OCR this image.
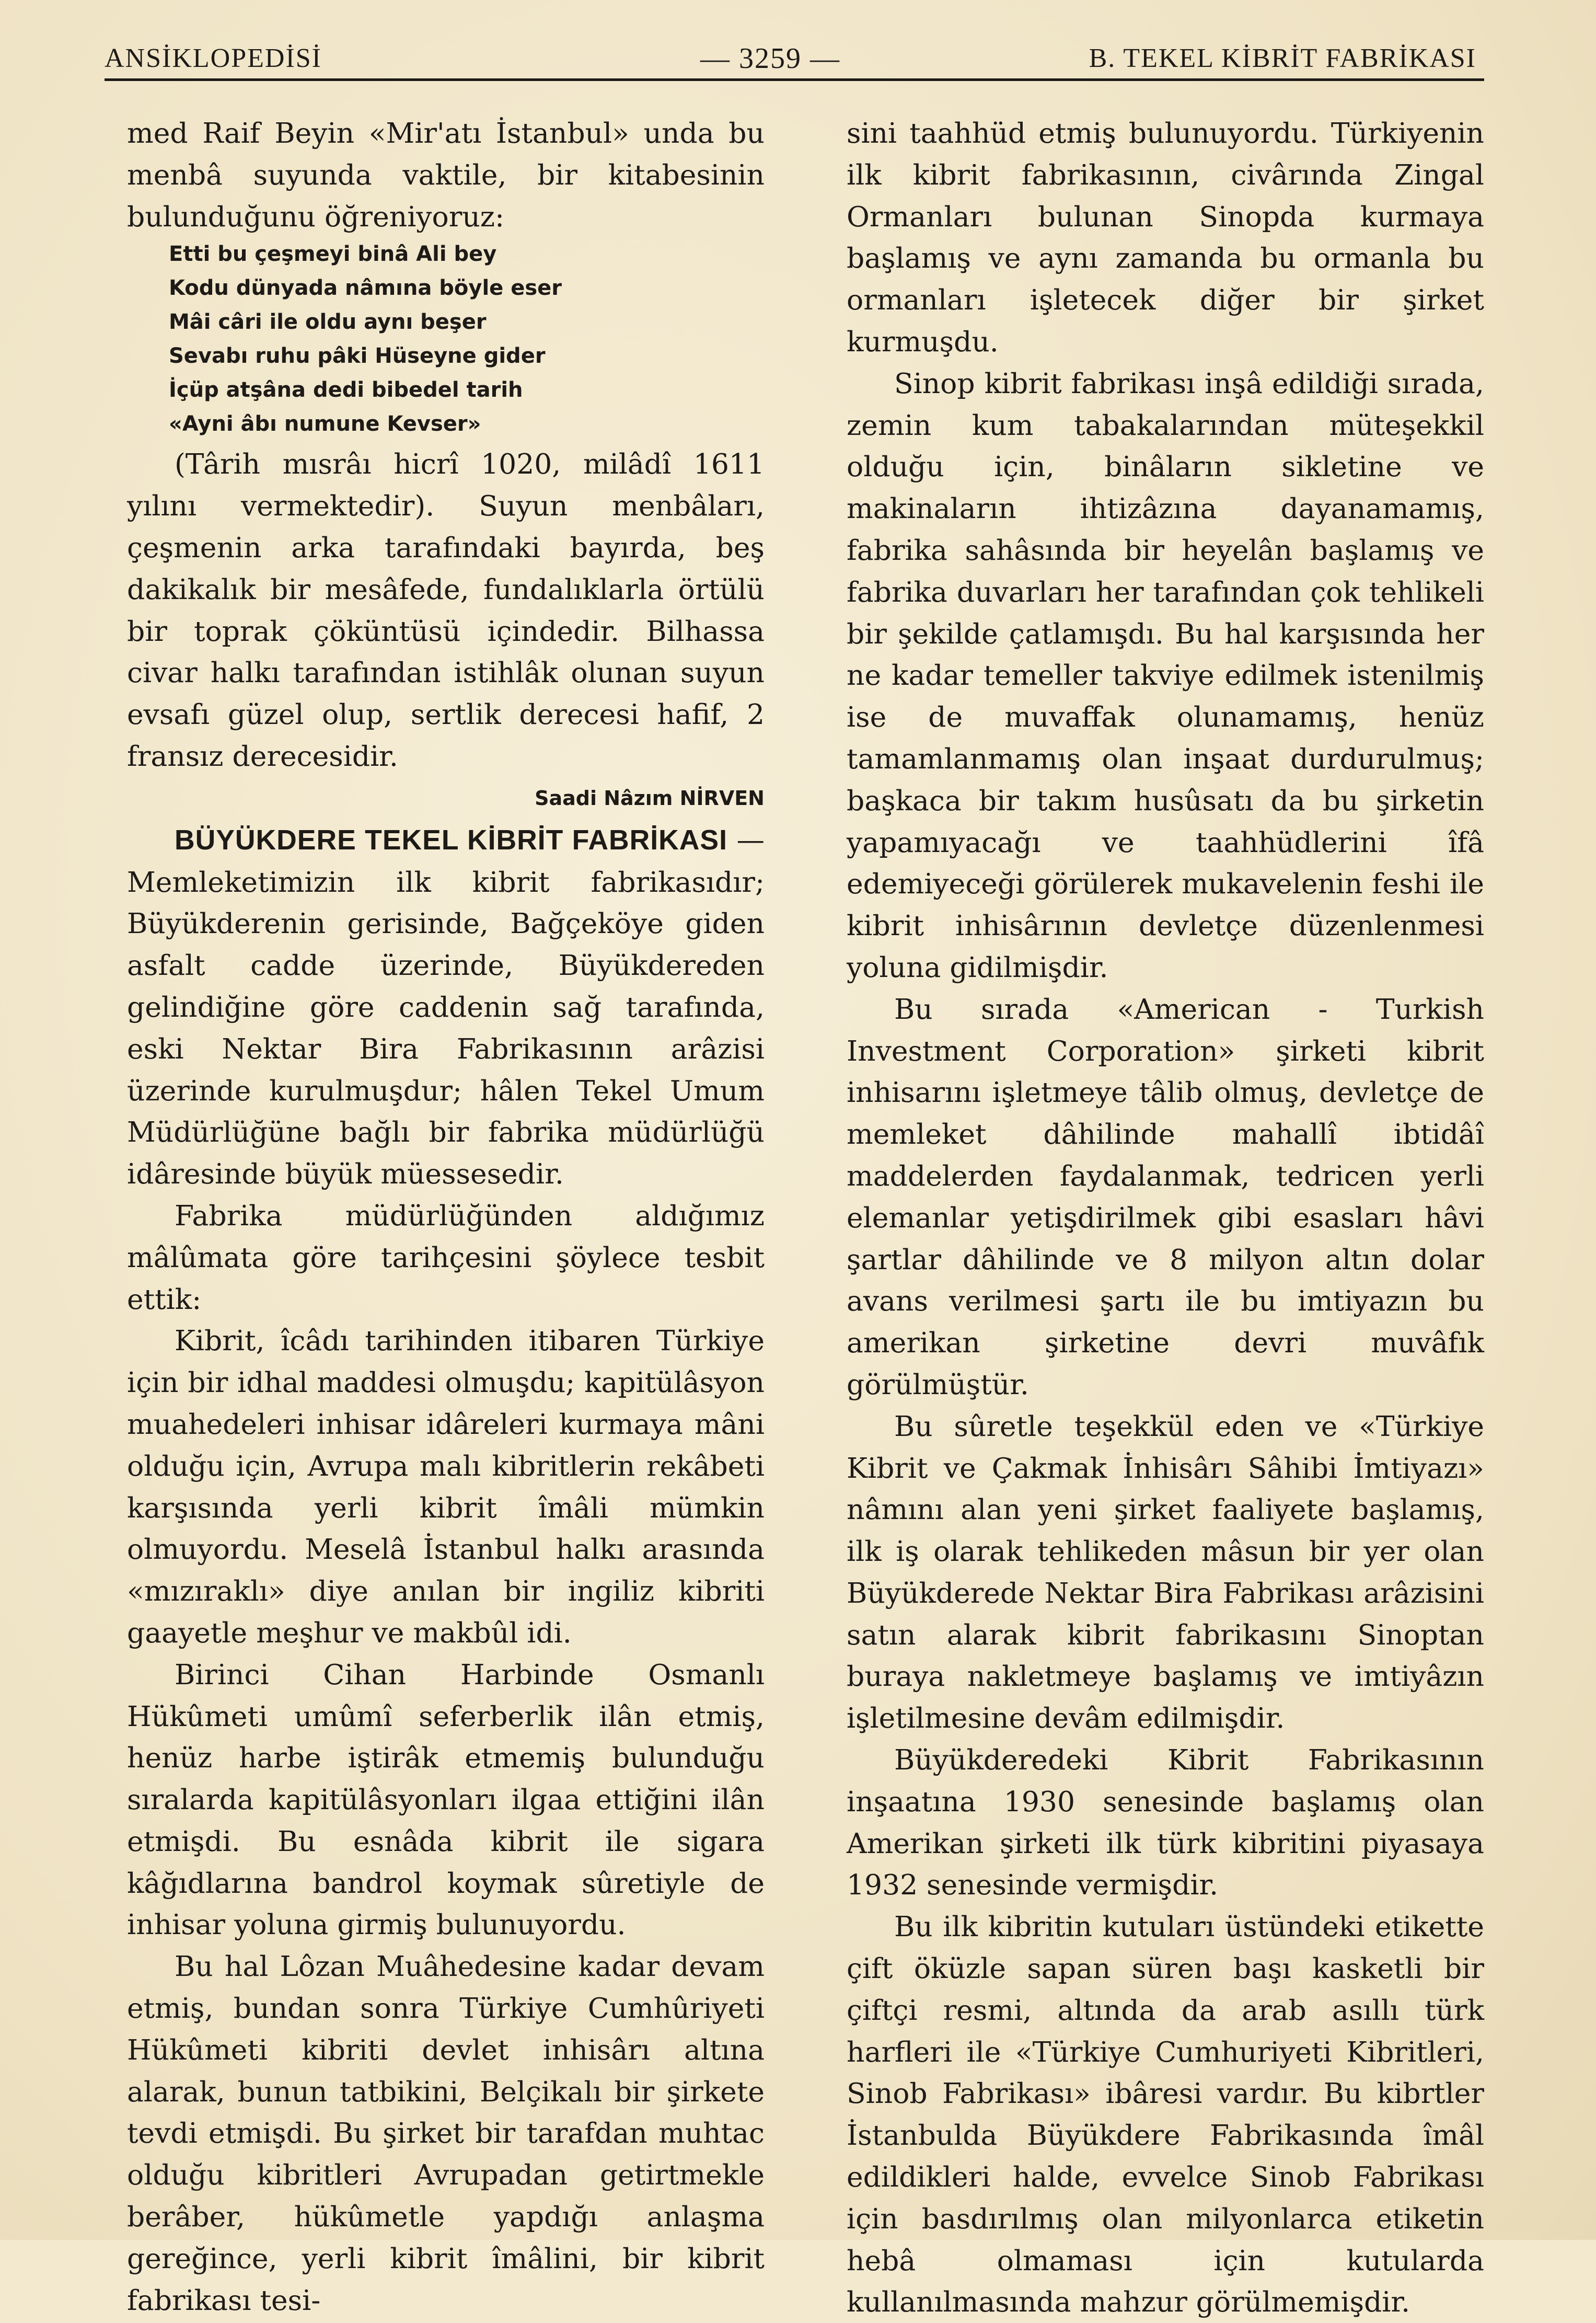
ANSİKLOPEDİSİ	— 3259 —	B. TEKEL KİBRİT FABRİKASI

med Raif Beyin «Mir'atı İstanbul» unda bu menbâ suyunda vaktile, bir kitabesinin bulunduğunu öğreniyoruz:

Etti bu çeşmeyi binâ Ali bey
Kodu dünyada nâmına böyle eser
Mâi câri ile oldu aynı beşer
Sevabı ruhu pâki Hüseyne gider
İçüp atşâna dedi bibedel tarih
«Ayni âbı numune Kevser»

(Târih mısrâı hicrî 1020, milâdî 1611 yılını vermektedir). Suyun menbâları, çeşmenin arka tarafındaki bayırda, beş dakikalık bir mesâfede, fundalıklarla örtülü bir toprak çöküntüsü içindedir. Bilhassa civar halkı tarafından istihlâk olunan suyun evsafı güzel olup, sertlik derecesi hafif, 2 fransız derecesidir.

Saadi Nâzım NİRVEN

BÜYÜKDERE TEKEL KİBRİT FABRİKASI — Memleketimizin ilk kibrit fabrikasıdır; Büyükderenin gerisinde, Bağçeköye giden asfalt cadde üzerinde, Büyükdereden gelindiğine göre caddenin sağ tarafında, eski Nektar Bira Fabrikasının arâzisi üzerinde kurulmuşdur; hâlen Tekel Umum Müdürlüğüne bağlı bir fabrika müdürlüğü idâresinde büyük müessesedir.

Fabrika müdürlüğünden aldığımız mâlûmata göre tarihçesini şöylece tesbit ettik:

Kibrit, îcâdı tarihinden itibaren Türkiye için bir idhal maddesi olmuşdu; kapitülâsyon muahedeleri inhisar idâreleri kurmaya mâni olduğu için, Avrupa malı kibritlerin rekâbeti karşısında yerli kibrit îmâli mümkin olmuyordu. Meselâ İstanbul halkı arasında «mızıraklı» diye anılan bir ingiliz kibriti gaayetle meşhur ve makbûl idi.

Birinci Cihan Harbinde Osmanlı Hükûmeti umûmî seferberlik ilân etmiş, henüz harbe iştirâk etmemiş bulunduğu sıralarda kapitülâsyonları ilgaa ettiğini ilân etmişdi. Bu esnâda kibrit ile sigara kâğıdlarına bandrol koymak sûretiyle de inhisar yoluna girmiş bulunuyordu.

Bu hal Lôzan Muâhedesine kadar devam etmiş, bundan sonra Türkiye Cumhûriyeti Hükûmeti kibriti devlet inhisârı altına alarak, bunun tatbikini, Belçikalı bir şirkete tevdi etmişdi. Bu şirket bir tarafdan muhtac olduğu kibritleri Avrupadan getirtmekle berâber, hükûmetle yapdığı anlaşma gereğince, yerli kibrit îmâlini, bir kibrit fabrikası tesi-

sini taahhüd etmiş bulunuyordu. Türkiyenin ilk kibrit fabrikasının, civârında Zingal Ormanları bulunan Sinopda kurmaya başlamış ve aynı zamanda bu ormanla bu ormanları işletecek diğer bir şirket kurmuşdu.

Sinop kibrit fabrikası inşâ edildiği sırada, zemin kum tabakalarından müteşekkil olduğu için, binâların sikletine ve makinaların ihtizâzına dayanamamış, fabrika sahâsında bir heyelân başlamış ve fabrika duvarları her tarafından çok tehlikeli bir şekilde çatlamışdı. Bu hal karşısında her ne kadar temeller takviye edilmek istenilmiş ise de muvaffak olunamamış, henüz tamamlanmamış olan inşaat durdurulmuş; başkaca bir takım husûsatı da bu şirketin yapamıyacağı ve taahhüdlerini îfâ edemiyeceği görülerek mukavelenin feshi ile kibrit inhisârının devletçe düzenlenmesi yoluna gidilmişdir.

Bu sırada «American - Turkish Investment Corporation» şirketi kibrit inhisarını işletmeye tâlib olmuş, devletçe de memleket dâhilinde mahallî ibtidâî maddelerden faydalanmak, tedricen yerli elemanlar yetişdirilmek gibi esasları hâvi şartlar dâhilinde ve 8 milyon altın dolar avans verilmesi şartı ile bu imtiyazın bu amerikan şirketine devri muvâfık görülmüştür.

Bu sûretle teşekkül eden ve «Türkiye Kibrit ve Çakmak İnhisârı Sâhibi İmtiyazı» nâmını alan yeni şirket faaliyete başlamış, ilk iş olarak tehlikeden mâsun bir yer olan Büyükderede Nektar Bira Fabrikası arâzisini satın alarak kibrit fabrikasını Sinoptan buraya nakletmeye başlamış ve imtiyâzın işletilmesine devâm edilmişdir.

Büyükderedeki Kibrit Fabrikasının inşaatına 1930 senesinde başlamış olan Amerikan şirketi ilk türk kibritini piyasaya 1932 senesinde vermişdir.

Bu ilk kibritin kutuları üstündeki etikette çift öküzle sapan süren başı kasketli bir çiftçi resmi, altında da arab asıllı türk harfleri ile «Türkiye Cumhuriyeti Kibritleri, Sinob Fabrikası» ibâresi vardır. Bu kibrtler İstanbulda Büyükdere Fabrikasında îmâl edildikleri halde, evvelce Sinob Fabrikası için basdırılmış olan milyonlarca etiketin hebâ olmaması için kutularda kullanılmasında mahzur görülmemişdir.
